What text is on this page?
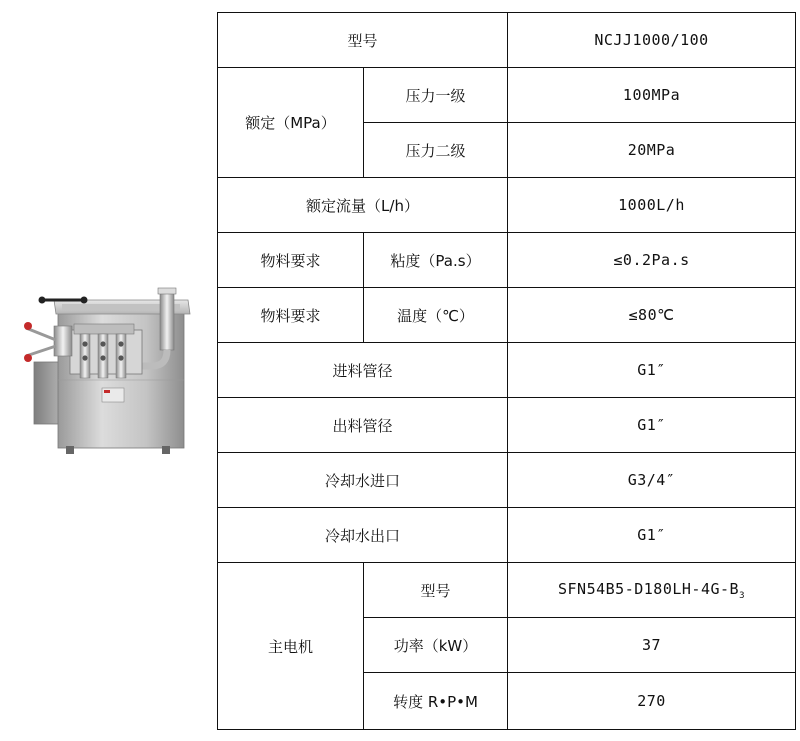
型号		NCJJ1000/100
额定（MPa）	压力一级	100MPa
	压力二级	20MPa
额定流量（L/h）		1000L/h
物料要求	粘度（Pa.s）	≤0.2Pa.s
物料要求	温度（℃）	≤80℃
进料管径		G1″
出料管径		G1″
冷却水进口		G3/4″
冷却水出口		G1″
主电机	型号	$SFN54B5-D180LH-4G-B_3$
	功率（kW）	37
	转度 R•P•M	270
